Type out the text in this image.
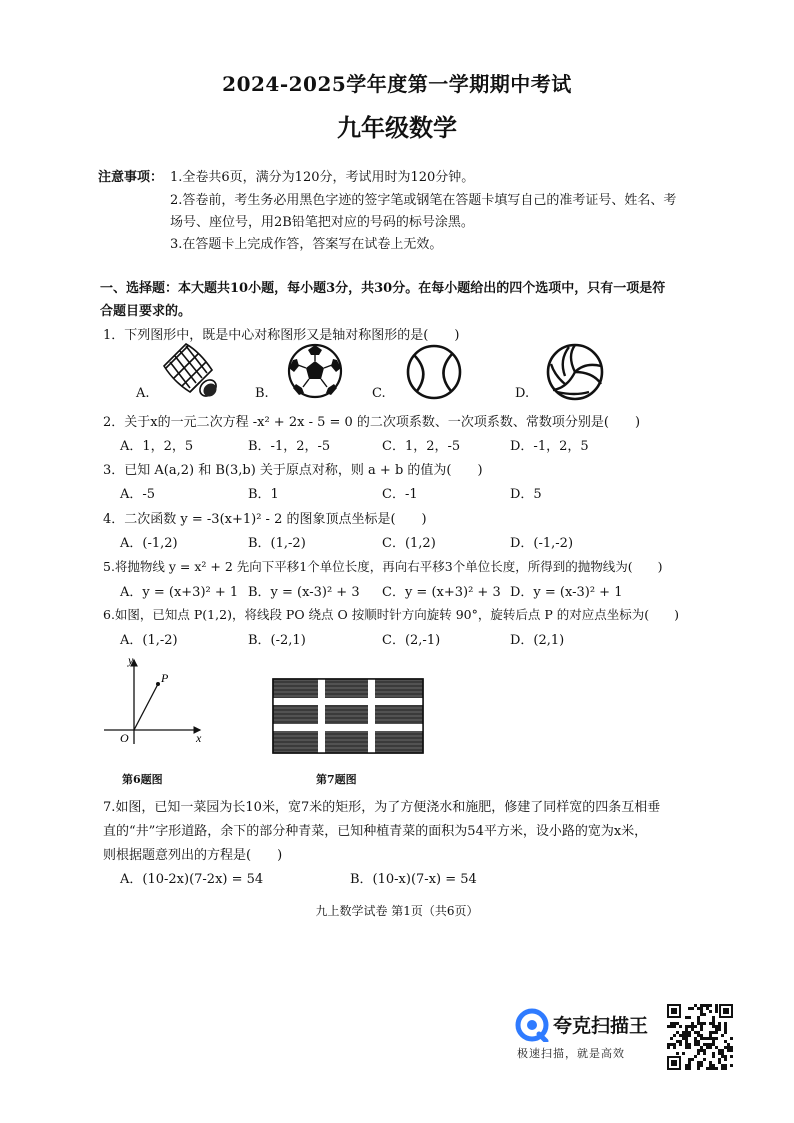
2024-2025学年度第一学期期中考试
九年级数学
注意事项： 1.全卷共6页，满分为120分，考试用时为120分钟。
2.答卷前，考生务必用黑色字迹的签字笔或钢笔在答题卡填写自己的准考证号、姓名、考
场号、座位号，用2B铅笔把对应的号码的标号涂黑。
3.在答题卡上完成作答，答案写在试卷上无效。
一、选择题：本大题共10小题，每小题3分，共30分。在每小题给出的四个选项中，只有一项是符
合题目要求的。
1．下列图形中，既是中心对称图形又是轴对称图形的是(　　)
A.	B.	C.	D.
2．关于x的一元二次方程 -x² + 2x - 5 = 0 的二次项系数、一次项系数、常数项分别是(　　)
A．1，2，5	B．-1，2，-5	C．1，2，-5	D．-1，2，5
3．已知 A(a,2) 和 B(3,b) 关于原点对称，则 a + b 的值为(　　)
A．-5	B．1	C．-1	D．5
4．二次函数 y = -3(x+1)² - 2 的图象顶点坐标是(　　)
A．(-1,2)	B．(1,-2)	C．(1,2)	D．(-1,-2)
5.将抛物线 y = x² + 2 先向下平移1个单位长度，再向右平移3个单位长度，所得到的抛物线为(　　)
A．y = (x+3)² + 1 B．y = (x-3)² + 3 C．y = (x+3)² + 3 D．y = (x-3)² + 1
6.如图，已知点 P(1,2)，将线段 PO 绕点 O 按顺时针方向旋转 90°，旋转后点 P 的对应点坐标为(　　)
A．(1,-2)	B．(-2,1)	C．(2,-1)	D．(2,1)
y
x
O
P
第6题图	第7题图
7.如图，已知一菜园为长10米，宽7米的矩形，为了方便浇水和施肥，修建了同样宽的四条互相垂
直的“井”字形道路，余下的部分种青菜，已知种植青菜的面积为54平方米，设小路的宽为x米，
则根据题意列出的方程是(　　)
A．(10-2x)(7-2x) = 54	B．(10-x)(7-x) = 54
九上数学试卷 第1页（共6页）
夸克扫描王
极速扫描，就是高效
